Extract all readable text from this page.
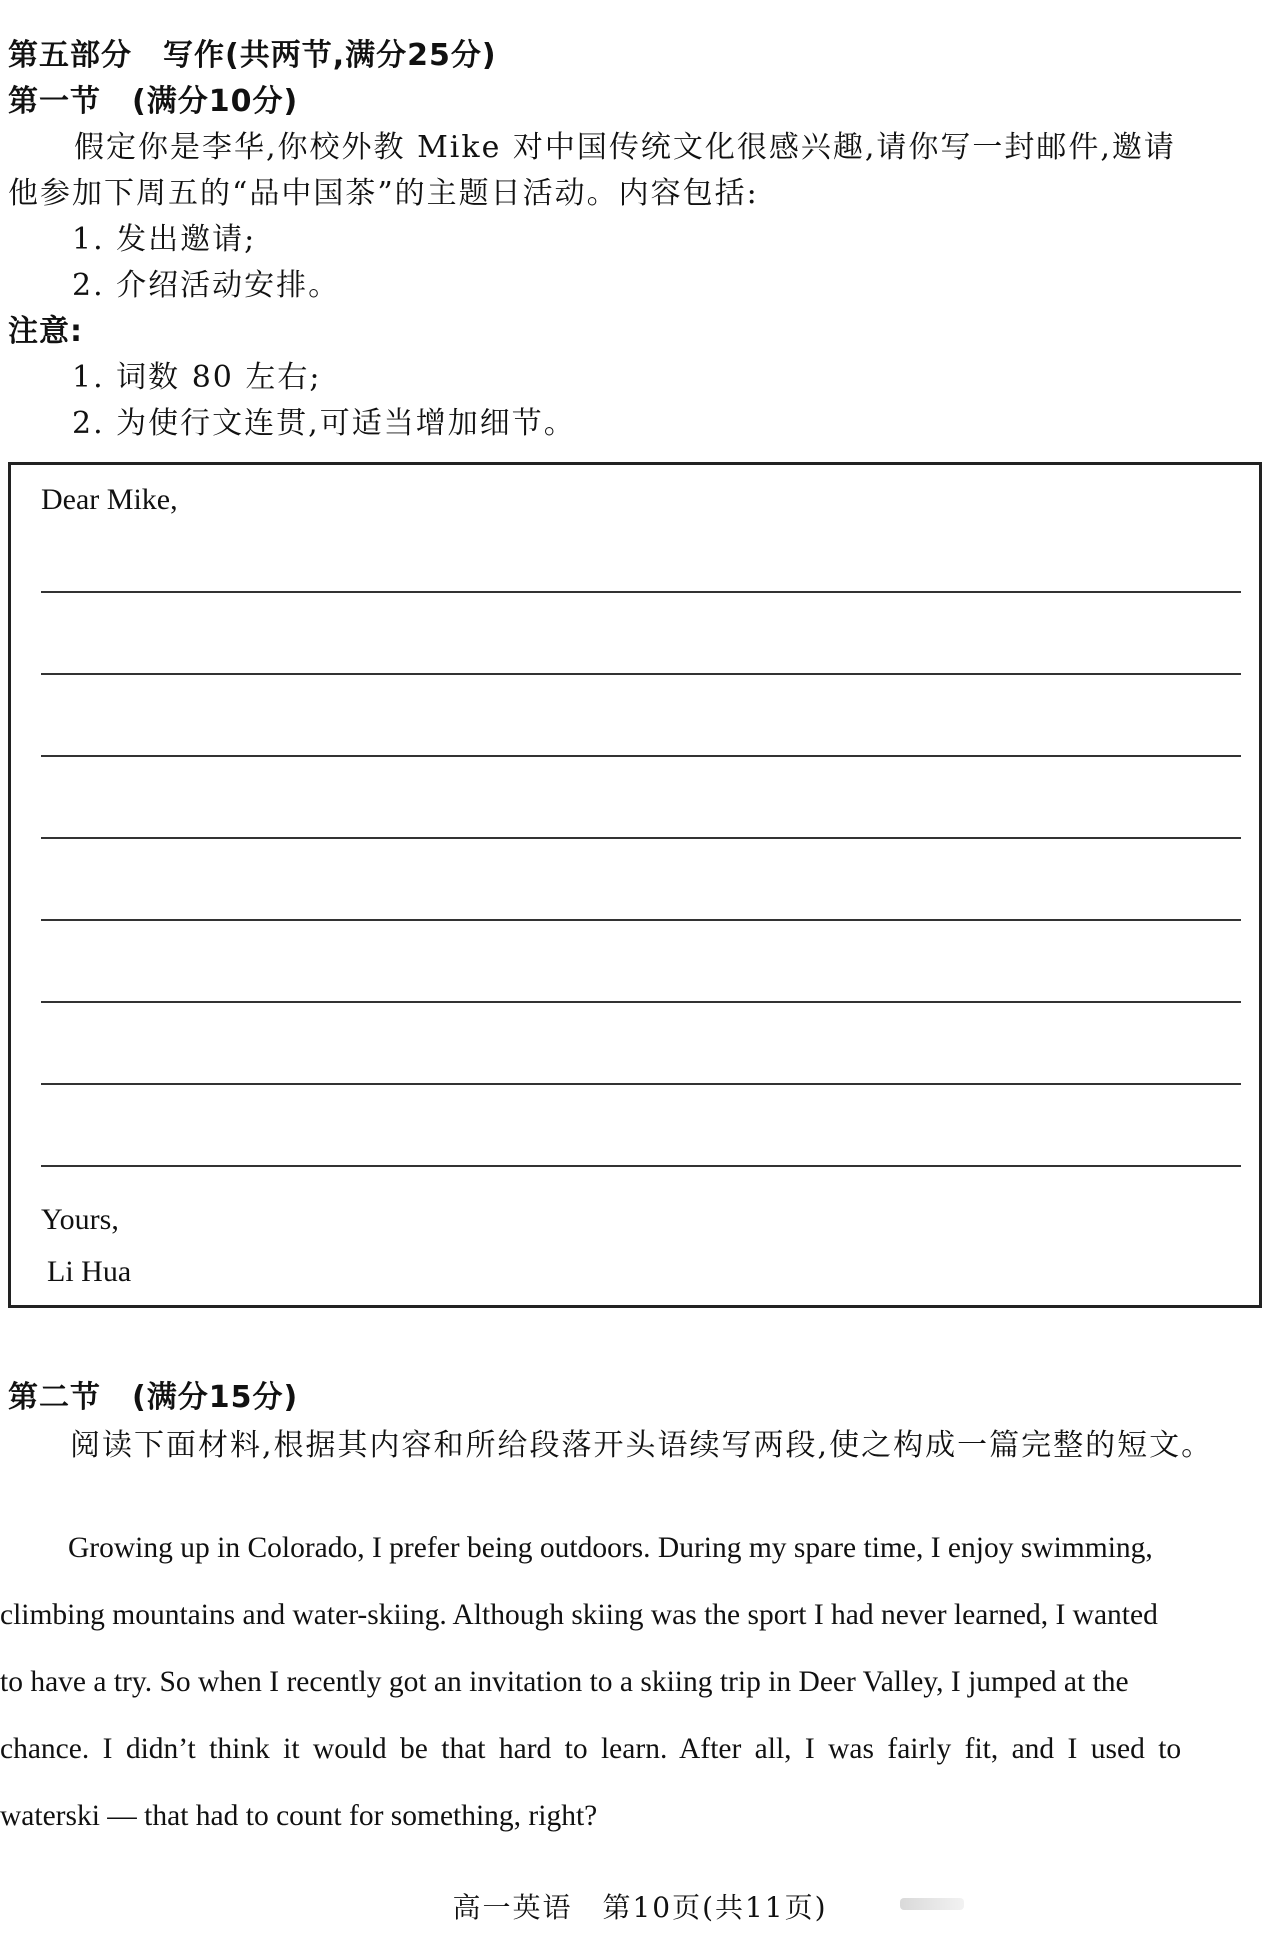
第五部分　写作(共两节,满分25分)
第一节　(满分10分)
　假定你是李华,你校外教 Mike 对中国传统文化很感兴趣,请你写一封邮件,邀请
他参加下周五的“品中国茶”的主题日活动。内容包括:
1. 发出邀请;
2. 介绍活动安排。
注意:
1. 词数 80 左右;
2. 为使行文连贯,可适当增加细节。
Dear Mike,
Yours,
Li Hua
第二节　(满分15分)
阅读下面材料,根据其内容和所给段落开头语续写两段,使之构成一篇完整的短文。
Growing up in Colorado, I prefer being outdoors. During my spare time, I enjoy swimming,
climbing mountains and water-skiing. Although skiing was the sport I had never learned, I wanted
to have a try. So when I recently got an invitation to a skiing trip in Deer Valley, I jumped at the
chance. I didn’t think it would be that hard to learn. After all, I was fairly fit, and I used to
waterski — that had to count for something, right?
高一英语　第10页(共11页)
